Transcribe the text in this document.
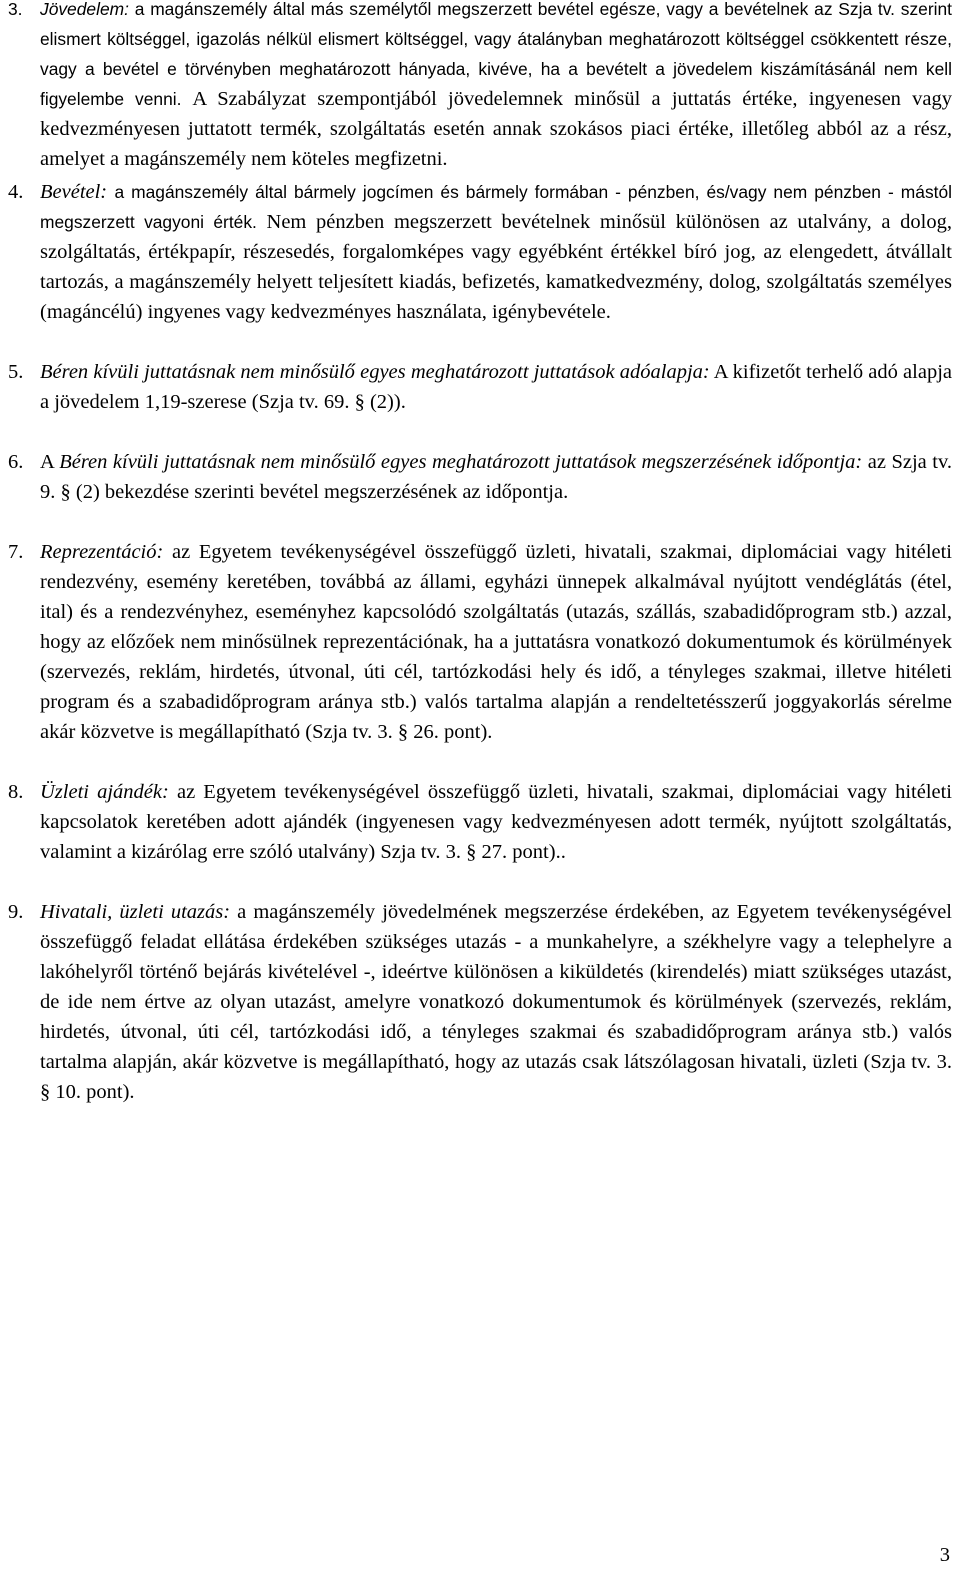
3. Jövedelem: a magánszemély által más személytől megszerzett bevétel egésze, vagy a bevételnek az Szja tv. szerint elismert költséggel, igazolás nélkül elismert költséggel, vagy átalányban meghatározott költséggel csökkentett része, vagy a bevétel e törvényben meghatározott hányada, kivéve, ha a bevételt a jövedelem kiszámításánál nem kell figyelembe venni. A Szabályzat szempontjából jövedelemnek minősül a juttatás értéke, ingyenesen vagy kedvezményesen juttatott termék, szolgáltatás esetén annak szokásos piaci értéke, illetőleg abból az a rész, amelyet a magánszemély nem köteles megfizetni.
4. Bevétel: a magánszemély által bármely jogcímen és bármely formában - pénzben, és/vagy nem pénzben - mástól megszerzett vagyoni érték. Nem pénzben megszerzett bevételnek minősül különösen az utalvány, a dolog, szolgáltatás, értékpapír, részesedés, forgalomképes vagy egyébként értékkel bíró jog, az elengedett, átvállalt tartozás, a magánszemély helyett teljesített kiadás, befizetés, kamatkedvezmény, dolog, szolgáltatás személyes (magáncélú) ingyenes vagy kedvezményes használata, igénybevétele.
5. Béren kívüli juttatásnak nem minősülő egyes meghatározott juttatások adóalapja: A kifizetőt terhelő adó alapja a jövedelem 1,19-szerese (Szja tv. 69. § (2)).
6. A Béren kívüli juttatásnak nem minősülő egyes meghatározott juttatások megszerzésének időpontja: az Szja tv. 9. § (2) bekezdése szerinti bevétel megszerzésének az időpontja.
7. Reprezentáció: az Egyetem tevékenységével összefüggő üzleti, hivatali, szakmai, diplomáciai vagy hitéleti rendezvény, esemény keretében, továbbá az állami, egyházi ünnepek alkalmával nyújtott vendéglátás (étel, ital) és a rendezvényhez, eseményhez kapcsolódó szolgáltatás (utazás, szállás, szabadidőprogram stb.) azzal, hogy az előzőek nem minősülnek reprezentációnak, ha a juttatásra vonatkozó dokumentumok és körülmények (szervezés, reklám, hirdetés, útvonal, úti cél, tartózkodási hely és idő, a tényleges szakmai, illetve hitéleti program és a szabadidőprogram aránya stb.) valós tartalma alapján a rendeltetésszerű joggyakorlás sérelme akár közvetve is megállapítható (Szja tv. 3. § 26. pont).
8. Üzleti ajándék: az Egyetem tevékenységével összefüggő üzleti, hivatali, szakmai, diplomáciai vagy hitéleti kapcsolatok keretében adott ajándék (ingyenesen vagy kedvezményesen adott termék, nyújtott szolgáltatás, valamint a kizárólag erre szóló utalvány) Szja tv. 3. § 27. pont)..
9. Hivatali, üzleti utazás: a magánszemély jövedelmének megszerzése érdekében, az Egyetem tevékenységével összefüggő feladat ellátása érdekében szükséges utazás - a munkahelyre, a székhelyre vagy a telephelyre a lakóhelyről történő bejárás kivételével -, ideértve különösen a kiküldetés (kirendelés) miatt szükséges utazást, de ide nem értve az olyan utazást, amelyre vonatkozó dokumentumok és körülmények (szervezés, reklám, hirdetés, útvonal, úti cél, tartózkodási idő, a tényleges szakmai és szabadidőprogram aránya stb.) valós tartalma alapján, akár közvetve is megállapítható, hogy az utazás csak látszólagosan hivatali, üzleti (Szja tv. 3. § 10. pont).
3
